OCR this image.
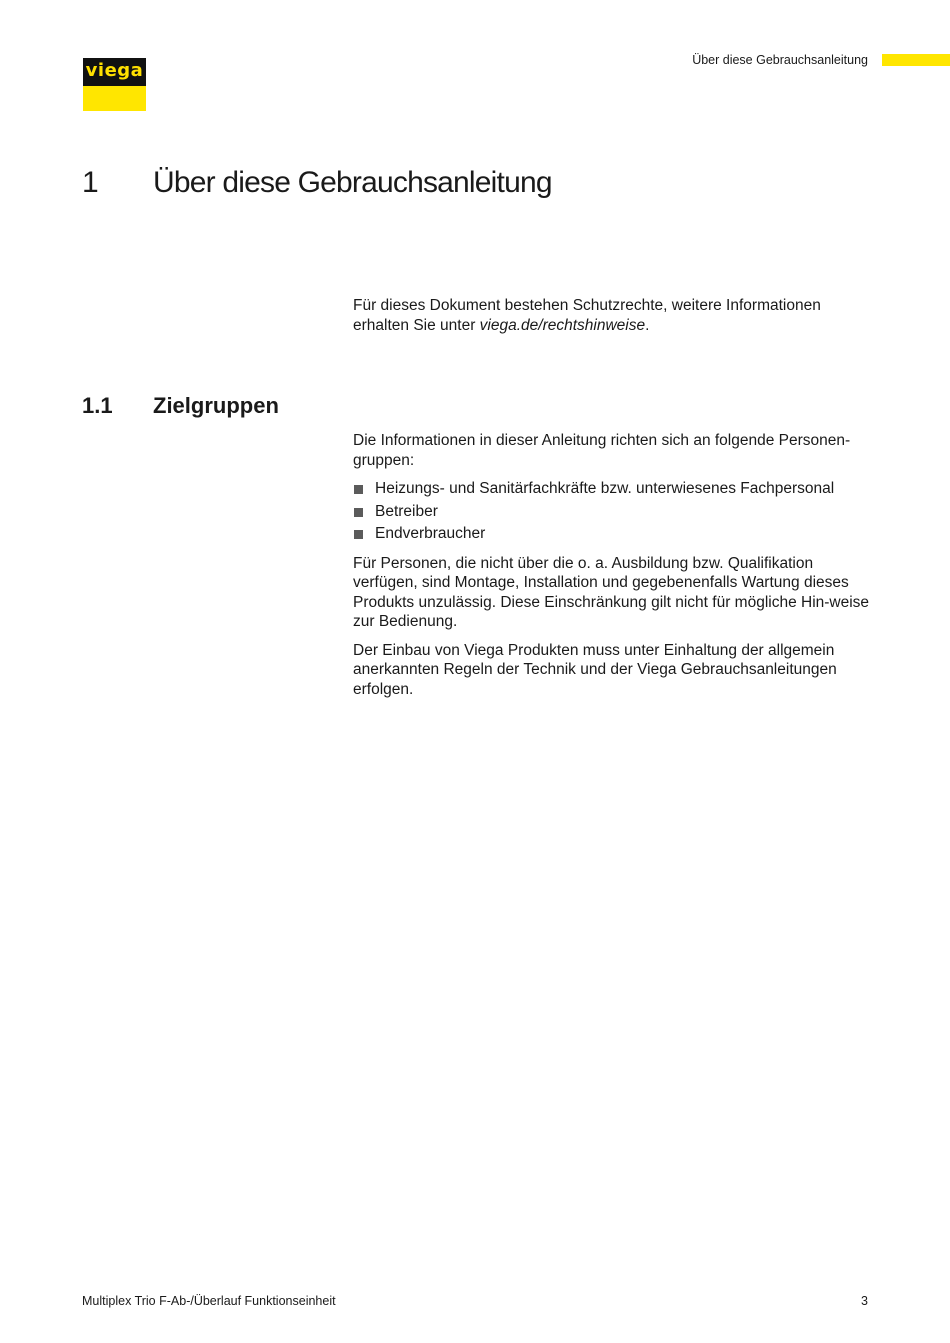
viega	Über diese Gebrauchsanleitung
1 Über diese Gebrauchsanleitung

Für dieses Dokument bestehen Schutzrechte, weitere Informationen erhalten Sie unter viega.de/rechtshinweise.

1.1 Zielgruppen

Die Informationen in dieser Anleitung richten sich an folgende Personen-gruppen:

Heizungs- und Sanitärfachkräfte bzw. unterwiesenes Fachpersonal
Betreiber
Endverbraucher

Für Personen, die nicht über die o. a. Ausbildung bzw. Qualifikation verfügen, sind Montage, Installation und gegebenenfalls Wartung dieses Produkts unzulässig. Diese Einschränkung gilt nicht für mögliche Hin-weise zur Bedienung.

Der Einbau von Viega Produkten muss unter Einhaltung der allgemein anerkannten Regeln der Technik und der Viega Gebrauchsanleitungen erfolgen.

Multiplex Trio F-Ab-/Überlauf Funktionseinheit	3
